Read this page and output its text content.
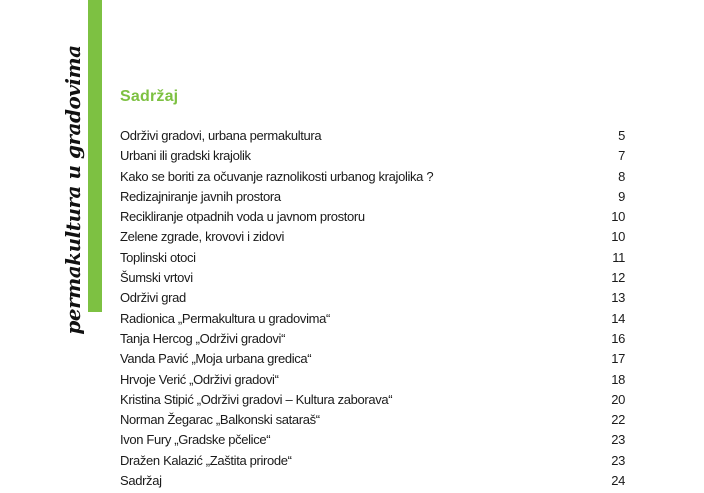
permakultura u gradovima Sadržaj
Održivi gradovi, urbana permakultura	5
Urbani ili gradski krajolik	7
Kako se boriti za očuvanje raznolikosti urbanog krajolika ?	8
Redizajniranje javnih prostora	9
Recikliranje otpadnih voda u javnom prostoru	10
Zelene zgrade, krovovi i zidovi	10
Toplinski otoci	11
Šumski vrtovi	12
Održivi grad	13
Radionica „Permakultura u gradovima“	14
Tanja Hercog „Održivi gradovi“	16
Vanda Pavić „Moja urbana gredica“	17
Hrvoje Verić „Održivi gradovi“	18
Kristina Stipić „Održivi gradovi – Kultura zaborava“	20
Norman Žegarac „Balkonski sataraš“	22
Ivon Fury „Gradske pčelice“	23
Dražen Kalazić „Zaštita prirode“	23
Sadržaj	24
